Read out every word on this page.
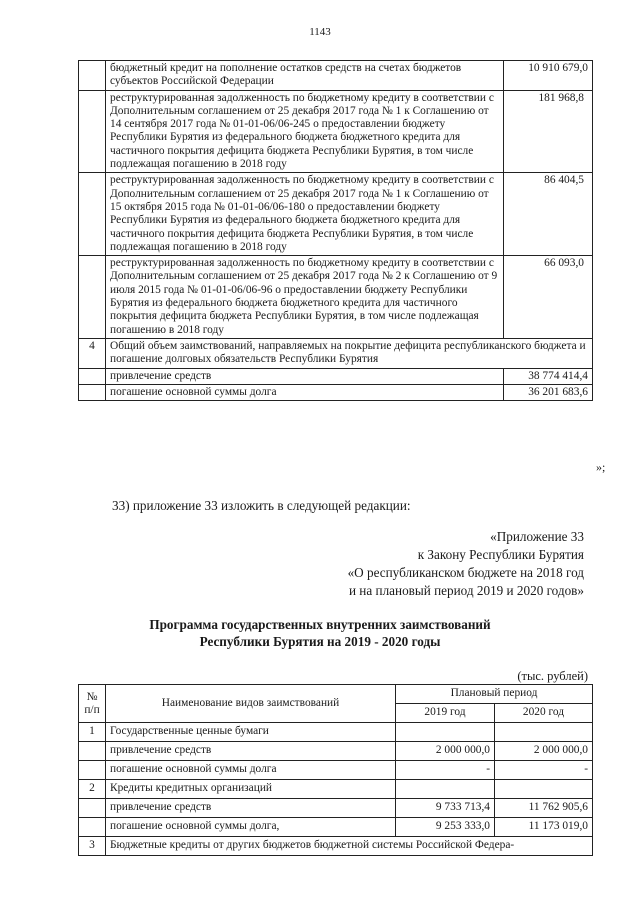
1143
	бюджетный кредит на пополнение остатков средств на счетах бюджетов субъектов Российской Федерации	10 910 679,0
	реструктурированная задолженность по бюджетному кредиту в соответствии с Дополнительным соглашением от 25 декабря 2017 года № 1 к Соглашению от 14 сентября 2017 года № 01-01-06/06-245 о предоставлении бюджету Республики Бурятия из федерального бюджета бюджетного кредита для частичного покрытия дефицита бюджета Республики Бурятия, в том числе подлежащая погашению в 2018 году	181 968,8
	реструктурированная задолженность по бюджетному кредиту в соответствии с Дополнительным соглашением от 25 декабря 2017 года № 1 к Соглашению от 15 октября 2015 года № 01-01-06/06-180 о предоставлении бюджету Республики Бурятия из федерального бюджета бюджетного кредита для частичного покрытия дефицита бюджета Республики Бурятия, в том числе подлежащая погашению в 2018 году	86 404,5
	реструктурированная задолженность по бюджетному кредиту в соответствии с Дополнительным соглашением от 25 декабря 2017 года № 2 к Соглашению от 9 июля 2015 года № 01-01-06/06-96 о предоставлении бюджету Республики Бурятия из федерального бюджета бюджетного кредита для частичного покрытия дефицита бюджета Республики Бурятия, в том числе подлежащая погашению в 2018 году	66 093,0
4	Общий объем заимствований, направляемых на покрытие дефицита республиканского бюджета и погашение долговых обязательств Республики Бурятия	
	привлечение средств	38 774 414,4
	погашение основной суммы долга	36 201 683,6
»;
33) приложение 33 изложить в следующей редакции:
«Приложение 33
к Закону Республики Бурятия
«О республиканском бюджете на 2018 год
и на плановый период 2019 и 2020 годов»
Программа государственных внутренних заимствований
Республики Бурятия на 2019 - 2020 годы
(тыс. рублей)
№ п/п	Наименование видов заимствований	Плановый период	
		2019 год	2020 год
1	Государственные ценные бумаги		
	привлечение средств	2 000 000,0	2 000 000,0
	погашение основной суммы долга	-	-
2	Кредиты кредитных организаций		
	привлечение средств	9 733 713,4	11 762 905,6
	погашение основной суммы долга,	9 253 333,0	11 173 019,0
3	Бюджетные кредиты от других бюджетов бюджетной системы Российской Федера-		
